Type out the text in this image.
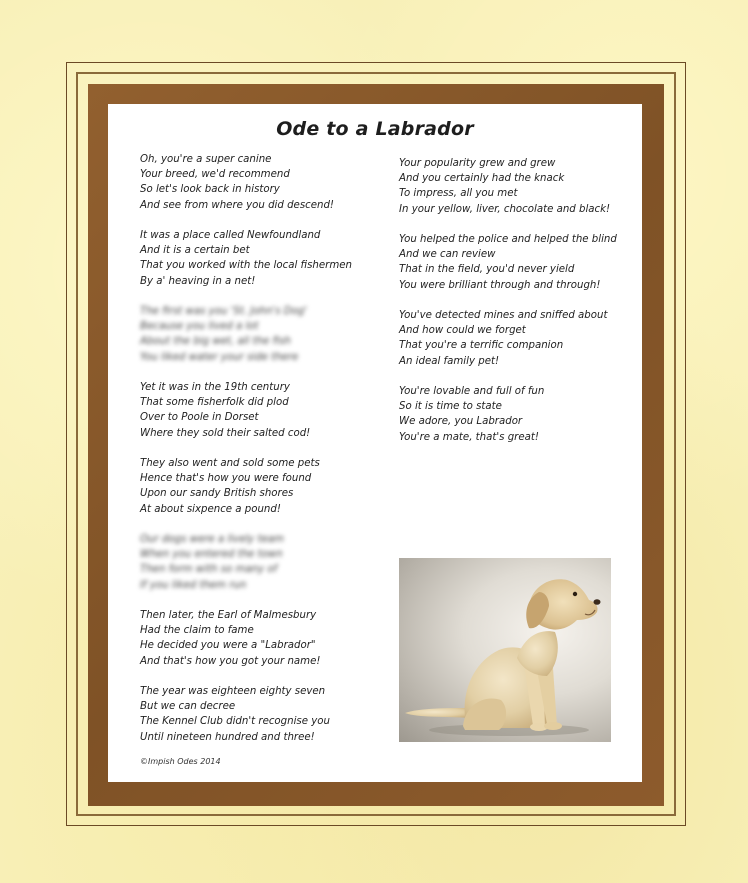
Ode to a Labrador
Oh, you're a super canine
Your breed, we'd recommend
So let's look back in history
And see from where you did descend!
It was a place called Newfoundland
And it is a certain bet
That you worked with the local fishermen
By a' heaving in a net!
The first was you 'St. John's Dog'
Because you lived a lot
About the big wet, all the fish
You liked water your side there
Yet it was in the 19th century
That some fisherfolk did plod
Over to Poole in Dorset
Where they sold their salted cod!
They also went and sold some pets
Hence that's how you were found
Upon our sandy British shores
At about sixpence a pound!
Our dogs were a lively team
When you entered the town
Then form with so many of
If you liked them run
Then later, the Earl of Malmesbury
Had the claim to fame
He decided you were a "Labrador"
And that's how you got your name!
The year was eighteen eighty seven
But we can decree
The Kennel Club didn't recognise you
Until nineteen hundred and three!
Your popularity grew and grew
And you certainly had the knack
To impress, all you met
In your yellow, liver, chocolate and black!
You helped the police and helped the blind
And we can review
That in the field, you'd never yield
You were brilliant through and through!
You've detected mines and sniffed about
And how could we forget
That you're a terrific companion
An ideal family pet!
You're lovable and full of fun
So it is time to state
We adore, you Labrador
You're a mate, that's great!
©Impish Odes 2014
